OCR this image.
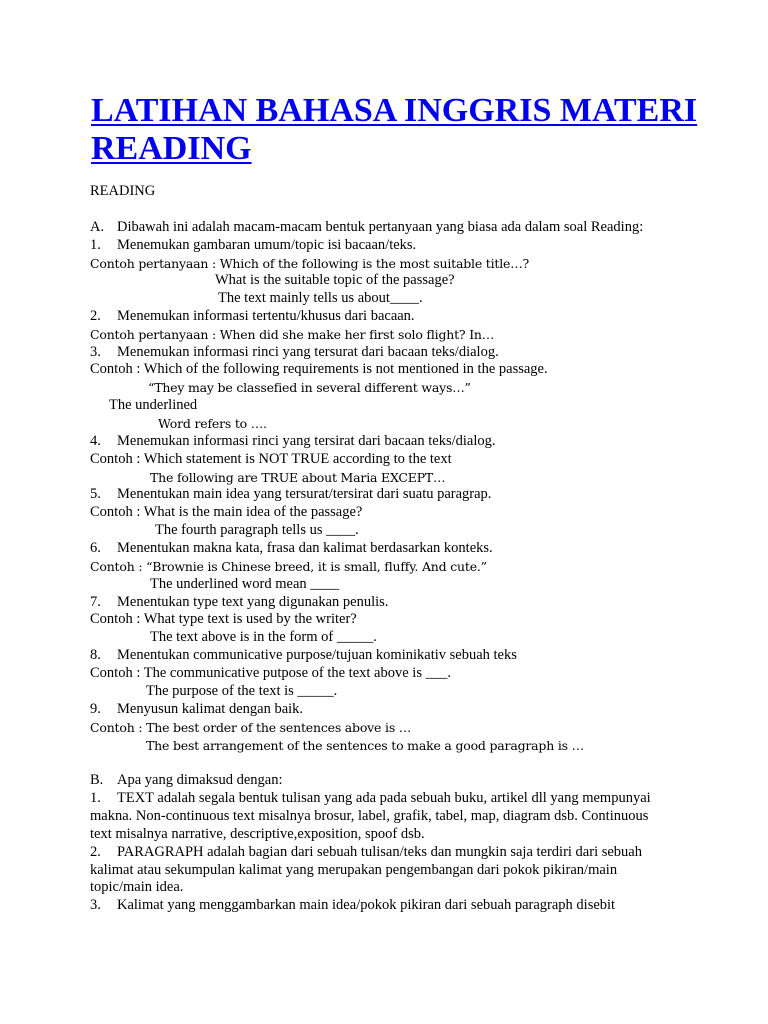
LATIHAN BAHASA INGGRIS MATERI READING
READING
A. Dibawah ini adalah macam-macam bentuk pertanyaan yang biasa ada dalam soal Reading:
1. Menemukan gambaran umum/topic isi bacaan/teks.
Contoh pertanyaan : Which of the following is the most suitable title…?
What is the suitable topic of the passage?
The text mainly tells us about____.
2. Menemukan informasi tertentu/khusus dari bacaan.
Contoh pertanyaan : When did she make her first solo flight? In…
3. Menemukan informasi rinci yang tersurat dari bacaan teks/dialog.
Contoh : Which of the following requirements is not mentioned in the passage.
“They may be classefied in several different ways…”
The underlined
Word refers to ….
4. Menemukan informasi rinci yang tersirat dari bacaan teks/dialog.
Contoh : Which statement is NOT TRUE according to the text
The following are TRUE about Maria EXCEPT…
5. Menentukan main idea yang tersurat/tersirat dari suatu paragrap.
Contoh : What is the main idea of the passage?
The fourth paragraph tells us ____.
6. Menentukan makna kata, frasa dan kalimat berdasarkan konteks.
Contoh : “Brownie is Chinese breed, it is small, fluffy. And cute.”
The underlined word mean ____
7. Menentukan type text yang digunakan penulis.
Contoh : What type text is used by the writer?
The text above is in the form of _____.
8. Menentukan communicative purpose/tujuan kominikativ sebuah teks
Contoh : The communicative putpose of the text above is ___.
The purpose of the text is _____.
9. Menyusun kalimat dengan baik.
Contoh : The best order of the sentences above is …
The best arrangement of the sentences to make a good paragraph is …
B. Apa yang dimaksud dengan:
1. TEXT adalah segala bentuk tulisan yang ada pada sebuah buku, artikel dll yang mempunyai
makna. Non-continuous text misalnya brosur, label, grafik, tabel, map, diagram dsb. Continuous
text misalnya narrative, descriptive,exposition, spoof dsb.
2. PARAGRAPH adalah bagian dari sebuah tulisan/teks dan mungkin saja terdiri dari sebuah
kalimat atau sekumpulan kalimat yang merupakan pengembangan dari pokok pikiran/main
topic/main idea.
3. Kalimat yang menggambarkan main idea/pokok pikiran dari sebuah paragraph disebit
